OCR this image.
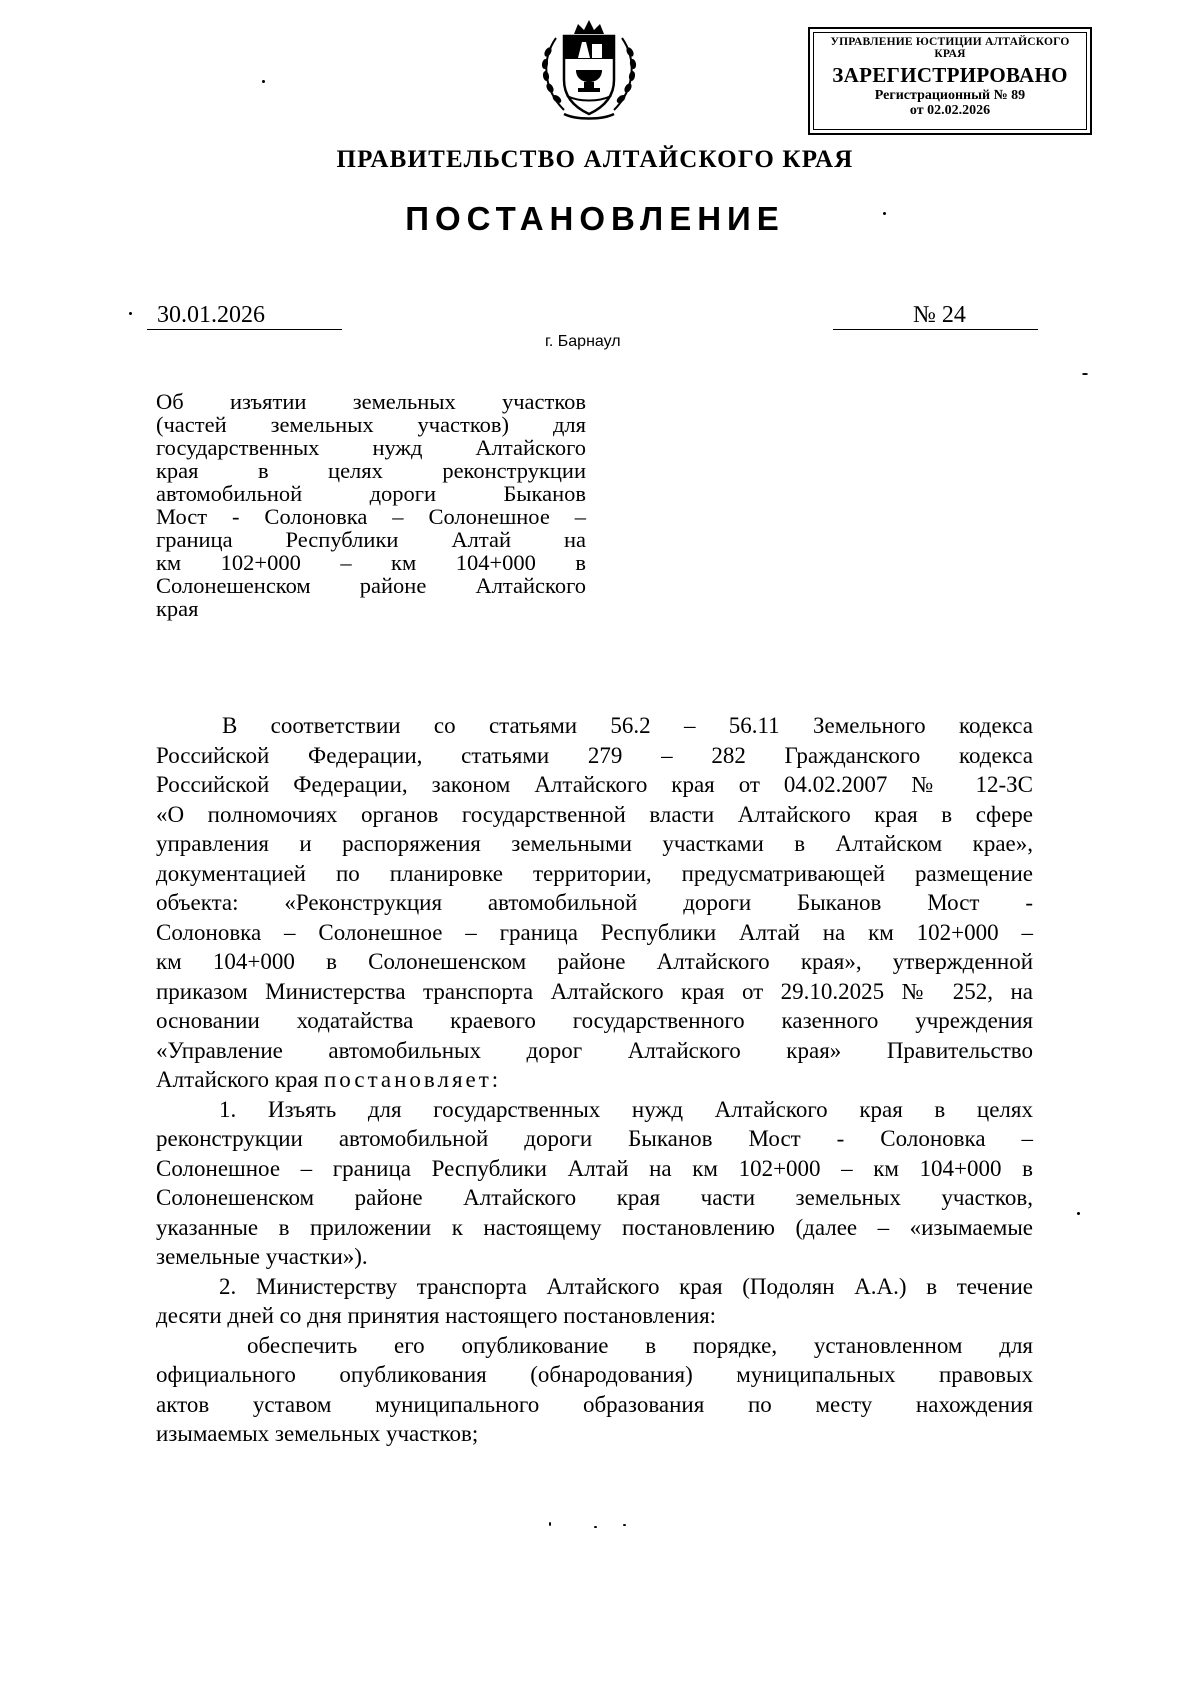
УПРАВЛЕНИЕ ЮСТИЦИИ АЛТАЙСКОГО КРАЯ
ЗАРЕГИСТРИРОВАНО
Регистрационный № 89
от 02.02.2026
ПРАВИТЕЛЬСТВО АЛТАЙСКОГО КРАЯ
ПОСТАНОВЛЕНИЕ
30.01.2026	№ 24
г. Барнаул
Об изъятии земельных участков
(частей земельных участков) для
государственных нужд Алтайского
края в целях реконструкции
автомобильной дороги Быканов
Мост - Солоновка – Солонешное –
граница Республики Алтай на
км 102+000 – км 104+000 в
Солонешенском районе Алтайского
края
В соответствии со статьями 56.2 – 56.11 Земельного кодекса
Российской Федерации, статьями 279 – 282 Гражданского кодекса
Российской Федерации, законом Алтайского края от 04.02.2007 № 12-ЗС
«О полномочиях органов государственной власти Алтайского края в сфере
управления и распоряжения земельными участками в Алтайском крае»,
документацией по планировке территории, предусматривающей размещение
объекта: «Реконструкция автомобильной дороги Быканов Мост -
Солоновка – Солонешное – граница Республики Алтай на км 102+000 –
км 104+000 в Солонешенском районе Алтайского края», утвержденной
приказом Министерства транспорта Алтайского края от 29.10.2025 № 252, на
основании ходатайства краевого государственного казенного учреждения
«Управление автомобильных дорог Алтайского края» Правительство
Алтайского края постановляет:
1. Изъять для государственных нужд Алтайского края в целях
реконструкции автомобильной дороги Быканов Мост - Солоновка –
Солонешное – граница Республики Алтай на км 102+000 – км 104+000 в
Солонешенском районе Алтайского края части земельных участков,
указанные в приложении к настоящему постановлению (далее – «изымаемые
земельные участки»).
2. Министерству транспорта Алтайского края (Подолян А.А.) в течение
десяти дней со дня принятия настоящего постановления:
обеспечить его опубликование в порядке, установленном для
официального опубликования (обнародования) муниципальных правовых
актов уставом муниципального образования по месту нахождения
изымаемых земельных участков;
